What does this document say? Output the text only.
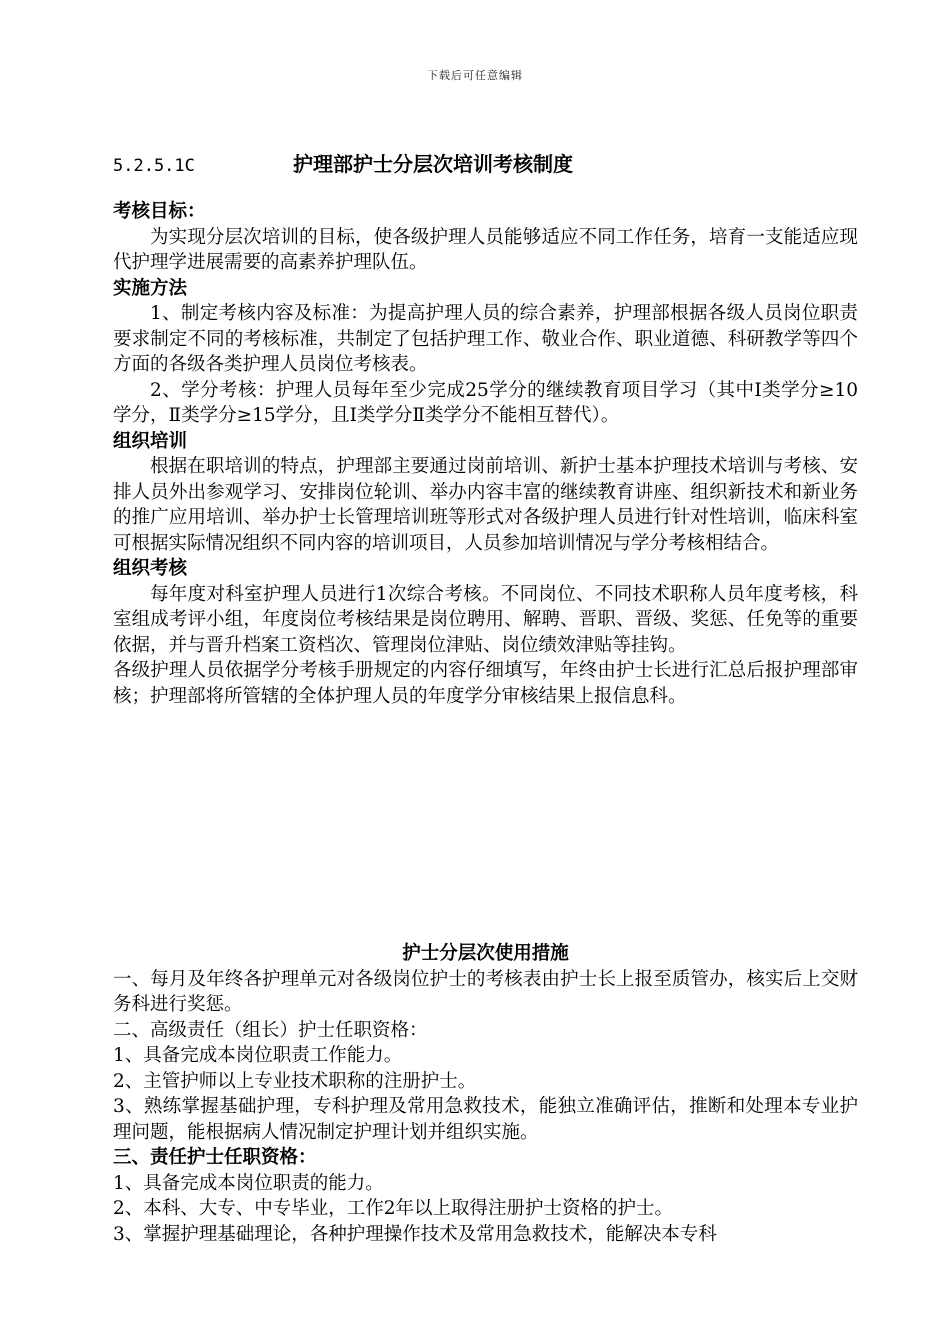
下载后可任意编辑
5.2.5.1C	护理部护士分层次培训考核制度
考核目标：

为实现分层次培训的目标，使各级护理人员能够适应不同工作任务，培育一支能适应现代护理学进展需要的高素养护理队伍。

实施方法

1、制定考核内容及标准：为提高护理人员的综合素养，护理部根据各级人员岗位职责要求制定不同的考核标准，共制定了包括护理工作、敬业合作、职业道德、科研教学等四个方面的各级各类护理人员岗位考核表。

2、学分考核：护理人员每年至少完成25学分的继续教育项目学习（其中Ⅰ类学分≥10学分，Ⅱ类学分≥15学分，且Ⅰ类学分Ⅱ类学分不能相互替代）。

组织培训

根据在职培训的特点，护理部主要通过岗前培训、新护士基本护理技术培训与考核、安排人员外出参观学习、安排岗位轮训、举办内容丰富的继续教育讲座、组织新技术和新业务的推广应用培训、举办护士长管理培训班等形式对各级护理人员进行针对性培训，临床科室可根据实际情况组织不同内容的培训项目，人员参加培训情况与学分考核相结合。

组织考核

每年度对科室护理人员进行1次综合考核。不同岗位、不同技术职称人员年度考核，科室组成考评小组，年度岗位考核结果是岗位聘用、解聘、晋职、晋级、奖惩、任免等的重要依据，并与晋升档案工资档次、管理岗位津贴、岗位绩效津贴等挂钩。

各级护理人员依据学分考核手册规定的内容仔细填写，年终由护士长进行汇总后报护理部审核；护理部将所管辖的全体护理人员的年度学分审核结果上报信息科。

护士分层次使用措施

一、每月及年终各护理单元对各级岗位护士的考核表由护士长上报至质管办，核实后上交财务科进行奖惩。

二、高级责任（组长）护士任职资格：

1、具备完成本岗位职责工作能力。

2、主管护师以上专业技术职称的注册护士。

3、熟练掌握基础护理，专科护理及常用急救技术，能独立准确评估，推断和处理本专业护理问题，能根据病人情况制定护理计划并组织实施。

三、责任护士任职资格：

1、具备完成本岗位职责的能力。

2、本科、大专、中专毕业，工作2年以上取得注册护士资格的护士。

3、掌握护理基础理论，各种护理操作技术及常用急救技术，能解决本专科
